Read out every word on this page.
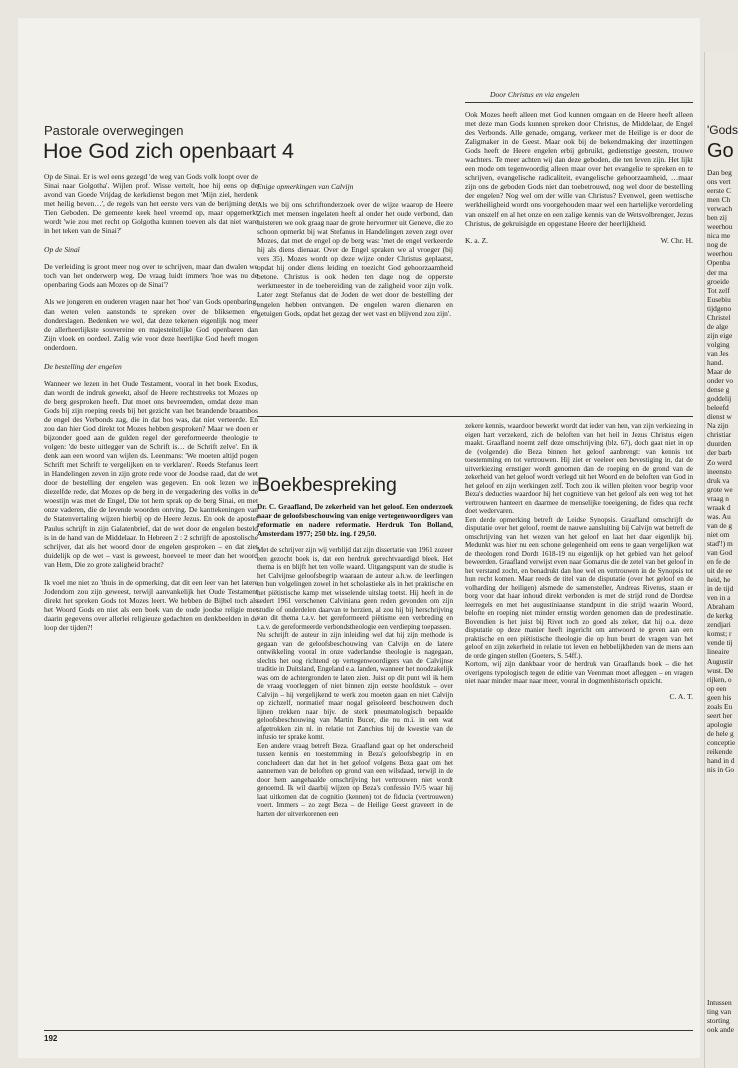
Door Christus en via engelen
Pastorale overwegingen
Hoe God zich openbaart 4

Op de Sinai. Er is wel eens gezegd 'de weg van Gods volk loopt over de Sinai naar Golgotha'. Wijlen prof. Wisse vertelt, hoe hij eens op de avond van Goede Vrijdag de kerkdienst begon met 'Mijn ziel, herdenk met heilig beven…', de regels van het eerste vers van de berijming der Tien Geboden. De gemeente keek heel vreemd op, maar opgemerkt wordt 'wie zou met recht op Golgotha kunnen toeven als dat niet ware in het teken van de Sinai?'

Op de Sinaï

De verleiding is groot meer nog over te schrijven, maar dan dwalen we toch van het onderwerp weg. De vraag luidt immers 'hoe was nu de openbaring Gods aan Mozes op de Sinai'?

Als we jongeren en ouderen vragen naar het 'hoe' van Gods openbaring, dan weten velen aanstonds te spreken over de bliksemen en donderslagen. Bedenken we wel, dat deze tekenen eigenlijk nog meer de allerheerlijkste souvereine en majesteitelijke God openbaren dan Zijn vloek en oordeel. Zalig wie voor deze heerlijke God heeft mogen onderdoen.

De bestelling der engelen

Wanneer we lezen in het Oude Testament, vooral in het boek Exodus, dan wordt de indruk gewekt, alsof de Heere rechtstreeks tot Mozes op de berg gesproken heeft. Dat moet ons bevreemden, omdat deze man Gods bij zijn roeping reeds bij het gezicht van het brandende braambos de engel des Verbonds zag, die in dat bos was, dat niet verteerde. En zou dan hier God direkt tot Mozes hebben gesproken? Maar we doen er bijzonder goed aan de gulden regel der gereformeerde theologie te volgen: 'de beste uitlegger van de Schrift is… de Schrift zelve'. En ik denk aan een woord van wijlen ds. Leenmans: 'We moeten altijd pogen Schrift met Schrift te vergelijken en te verklaren'. Reeds Stefanus leert in Handelingen zeven in zijn grote rede voor de Joodse raad, dat de wet door de bestelling der engelen was gegeven. En ook lezen we in diezelfde rede, dat Mozes op de berg in de vergadering des volks in de woestijn was met de Engel, Die tot hem sprak op de berg Sinai, en met onze vaderen, die de levende woorden ontving. De kanttekeningen van de Statenvertaling wijzen hierbij op de Heere Jezus. En ook de apostel Paulus schrijft in zijn Galatenbrief, dat de wet door de engelen besteld is in de hand van de Middelaar. In Hebreen 2 : 2 schrijft de apostolische schrijver, dat als het woord door de engelen gesproken – en dat ziet duidelijk op de wet – vast is geweest, hoeveel te meer dan het woord van Hem, Die zo grote zaligheid bracht?

Ik voel me niet zo 'thuis in de opmerking, dat dit een leer van het latere Jodendom zou zijn geweest, terwijl aanvankelijk het Oude Testament direkt het spreken Gods tot Mozes leert. We hebben de Bijbel toch als het Woord Gods en niet als een boek van de oude joodse religie met daarin gegevens over allerlei religieuze gedachten en denkbeelden in de loop der tijden?!

Enige opmerkingen van Calvijn

Als we bij ons schriftonderzoek over de wijze waarop de Heere Zich met mensen ingelaten heeft al onder het oude verbond, dan luisteren we ook graag naar de grote hervormer uit Geneve, die zo schoon opmerkt bij wat Stefanus in Handelingen zeven zegt over Mozes, dat met de engel op de berg was: 'met de engel verkeerde hij als diens dienaar. Over de Engel spraken we al vroeger (bij vers 35). Mozes wordt op deze wijze onder Christus geplaatst, opdat hij onder diens leiding en toezicht God gehoorzaamheid betone. Christus is ook heden ten dage nog de opperste werkmeester in de toebereiding van de zaligheid voor zijn volk. Later zegt Stefanus dat de Joden de wet door de bestelling der engelen hebben ontvangen. De engelen waren dienaren en getuigen Gods, opdat het gezag der wet vast en blijvend zou zijn'.

Ook Mozes heeft alleen met God kunnen omgaan en de Heere heeft alleen met deze man Gods kunnen spreken door Christus, de Middelaar, de Engel des Verbonds. Alle genade, omgang, verkeer met de Heilige is er door de Zaligmaker in de Geest. Maar ook bij de bekendmaking der inzettingen Gods heeft de Heere engelen erbij gebruikt, gedienstige geesten, trouwe wachters. Te meer achten wij dan deze geboden, die ten leven zijn. Het lijkt een mode om tegenwoordig alleen maar over het evangelie te spreken en te schrijven, evangelische radicaliteit, evangelische gehoorzaamheid, …maar zijn ons de geboden Gods niet dan toebetrouwd, nog wel door de bestelling der engelen? Nog wel om der wille van Christus? Evenwel, geen wettische werkheiligheid wordt ons voorgehouden maar wel een hartelijke verordeling van onszelf en al het onze en een zalige kennis van de Wetsvolbrenger, Jezus Christus, de gekruisigde en opgestane Heere der heerlijkheid.

K. a. Z.	W. Chr. H.
Boekbespreking

Dr. C. Graafland, De zekerheid van het geloof. Een onderzoek naar de geloofsbeschouwing van enige vertegenwoordigers van reformatie en nadere reformatie. Herdruk Ton Bolland, Amsterdam 1977; 250 blz. ing. f 29,50.

Met de schrijver zijn wij verblijd dat zijn dissertatie van 1961 zozeer een gezocht boek is, dat een herdruk gerechtvaardigd bleek. Het thema is en blijft het ten volle waard. Uitgangspunt van de studie is het Calvijnse geloofsbegrip waaraan de auteur a.h.w. de leerlingen en hun volgelingen zowel in het scholastieke als in het praktische en het piëtistische kamp met wisselende uitslag toetst. Hij heeft in de sedert 1961 verschenen Calviniana geen reden gevonden om zijn studie of onderdelen daarvan te herzien, al zou hij bij herschrijving van dit thema t.a.v. het gereformeerd piëtisme een verbreding en t.a.v. de gereformeerde verbondstheologie een verdieping toepassen.

Nu schrijft de auteur in zijn inleiding wel dat hij zijn methode is gegaan van de geloofsbeschouwing van Calvijn en de latere ontwikkeling vooral in onze vaderlandse theologie is nagegaan, slechts het oog richtend op vertegenwoordigers van de Calvijnse traditie in Duitsland, Engeland e.a. landen, wanneer het noodzakelijk was om de achtergronden te laten zien. Juist op dit punt wil ik hem de vraag voorleggen of niet binnen zijn eerste hoofdstuk – over Calvijn – hij vergelijkend te werk zou moeten gaan en niet Calvijn op zichzelf, normatief maar nogal geïsoleerd beschouwen doch lijnen trekken naar bijv. de sterk pneumatologisch bepaalde geloofsbeschouwing van Martin Bucer, die nu m.i. in een wat afgetrokken zin nl. in relatie tot Zanchius bij de kwestie van de infusio ter sprake komt.

Een andere vraag betreft Beza. Graafland gaat op het onderscheid tussen kennis en toestemming in Beza's geloofsbegrip in en concludeert dan dat het in het geloof volgens Beza gaat om het aannemen van de beloften op grond van een wilsdaad, terwijl in de door hem aangehaalde omschrijving het vertrouwen niet wordt genoemd. Ik wil daarbij wijzen op Beza's confessio IV/5 waar hij laat uitkomen dat de cognitio (kennen) tot de fiducia (vertrouwen) voert. Immers – zo zegt Beza – de Heilige Geest graveert in de harten der uitverkorenen een

zekere kennis, waardoor bewerkt wordt dat ieder van hen, van zijn verkiezing in eigen hart verzekerd, zich de beloften van het heil in Jezus Christus eigen maakt. Graafland noemt zelf deze omschrijving (blz. 67), doch gaat niet in op de (volgende) die Beza binnen het geloof aanbrengt: van kennis tot toestemming en tot vertrouwen. Hij ziet er veeleer een bevestiging in, dat de uitverkiezing ernstiger wordt genomen dan de roeping en de grond van de zekerheid van het geloof wordt verlegd uit het Woord en de beloften van God in het geloof en zijn werkingen zelf. Toch zou ik willen pleiten voor begrip voor Beza's deducties waardoor hij het cognitieve van het geloof als een weg tot het vertrouwen hanteert en daarmee de menselijke toeeigening, de fides qua recht doet wedervaren.

Een derde opmerking betreft de Leidse Synopsis. Graafland omschrijft de disputatie over het geloof, roemt de nauwe aansluiting bij Calvijn wat betreft de omschrijving van het wezen van het geloof en laat het daar eigenlijk bij. Medunkt was hier nu een schone gelegenheid om eens te gaan vergelijken wat de theologen rond Dordt 1618-19 nu eigenlijk op het gebied van het geloof beweerden. Graafland verwijst even naar Gomarus die de zetel van het geloof in het verstand zocht, en benadrukt dan hoe wel en vertrouwen in de Synopsis tot hun recht komen. Maar reeds de titel van de disputatie (over het geloof en de volharding der heiligen) alsmede de samensteller, Andreas Rivetus, staan er borg voor dat haar inhoud direkt verbonden is met de strijd rond de Dordtse leerregels en met het augustiniaanse standpunt in die strijd waarin Woord, belofte en roeping niet minder ernstig worden genomen dan de predestinatie. Bovendien is het juist bij Rivet toch zo goed als zeker, dat hij o.a. deze disputatie op deze manier heeft ingericht om antwoord te geven aan een praktische en een piëtistische theologie die op hun beurt de vragen van het geloof en zijn zekerheid in relatie tot leven en hebbelijkheden van de mens aan de orde gingen stellen (Goeters, S. 54ff.).

Kortom, wij zijn dankbaar voor de herdruk van Graaflands boek – die het overigens typologisch tegen de editie van Veenman moet afleggen – en vragen niet naar minder maar naar meer, vooral in dogmenhistorisch opzicht.

C. A. T.
192
'Gods
Go
Dan beg
ons vert
eerste C
men Ch
verwach
ben zij
weerhou
nica me
nog de
weerhou
Openba
der ma
groeide
Tot zelf
Eusebiu
tijdgeno
Christel
de alge
zijn eige
volging
van Jes
hand.
Maar de
onder vo
dense g
goddelij
beleefd
dienst w
Na zijn
christiar
duurden
der barb
Zo werd
ineensto
druk va
grote we
vraag n
wraak d
was. Au
van de g
niet om
stad'!) m
van God
en fe de
uit de ee
heid, he
in de tijd
ven in a
Abraham
de kerkg
zendjari
komst; r
vende tij
lineaire
Augustir
wust. De
rijken, o
op een
geen his
zoals Eu
seert her
apologie
de hele g
conceptie
reikende
hand in d
nis in Go
Intussen
ting van
storting
ook ande
